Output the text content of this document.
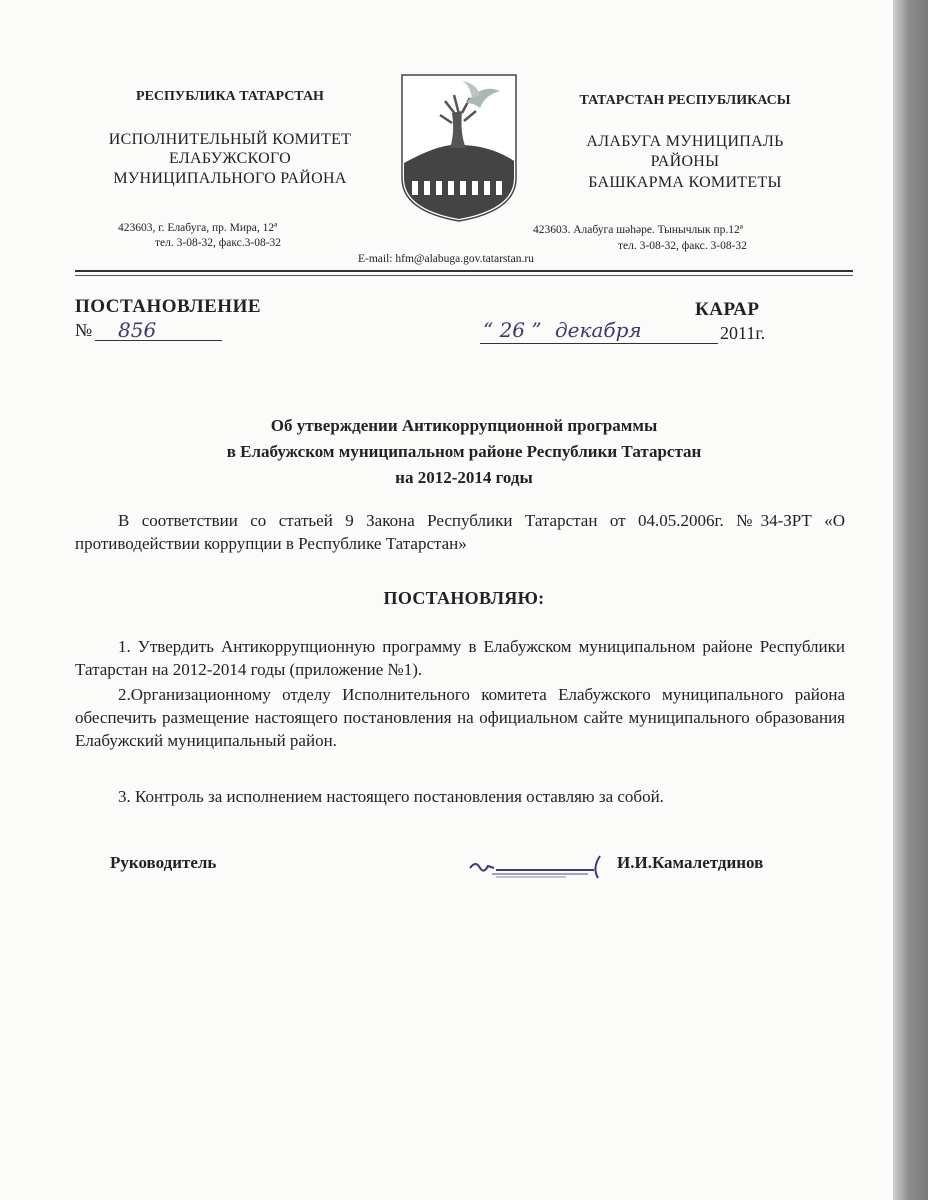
РЕСПУБЛИКА ТАТАРСТАН
ИСПОЛНИТЕЛЬНЫЙ КОМИТЕТ
ЕЛАБУЖСКОГО
МУНИЦИПАЛЬНОГО РАЙОНА
423603, г. Елабуга, пр. Мира, 12ª
тел. 3-08-32, факс.3-08-32
ТАТАРСТАН РЕСПУБЛИКАСЫ
АЛАБУГА МУНИЦИПАЛЬ
РАЙОНЫ
БАШКАРМА КОМИТЕТЫ
423603. Алабуга шәһәре. Тынычлык пр.12ª
тел. 3-08-32, факс. 3-08-32
E-mail: hfm@alabuga.gov.tatarstan.ru
ПОСТАНОВЛЕНИЕ	КАРАР
№ 856	“ 26 ” декабря	2011г.
Об утверждении Антикоррупционной программы
в Елабужском муниципальном районе Республики Татарстан
на 2012-2014 годы
В соответствии со статьей 9 Закона Республики Татарстан от 04.05.2006г. №34-ЗРТ «О противодействии коррупции в Республике Татарстан»
ПОСТАНОВЛЯЮ:
1. Утвердить Антикоррупционную программу в Елабужском муниципальном районе Республики Татарстан на 2012-2014 годы (приложение №1).
2.Организационному отделу Исполнительного комитета Елабужского муниципального района обеспечить размещение настоящего постановления на официальном сайте муниципального образования Елабужский муниципальный район.
3. Контроль за исполнением настоящего постановления оставляю за собой.
Руководитель	И.И.Камалетдинов
